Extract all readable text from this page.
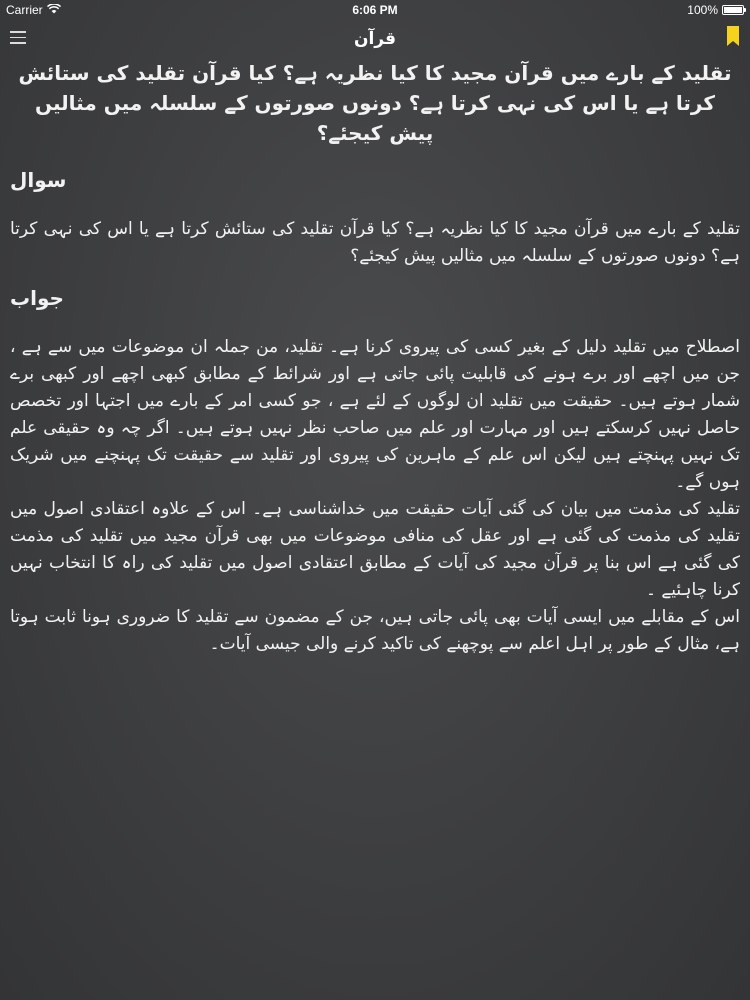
Carrier	6:06 PM	100%
قرآن
تقلید کے بارے میں قرآن مجید کا کیا نظریہ ہے؟ کیا قرآن تقلید کی ستائش کرتا ہے یا اس کی نہی کرتا ہے؟ دونوں صورتوں کے سلسلہ میں مثالیں پیش کیجئے؟
سوال

تقلید کے بارے میں قرآن مجید کا کیا نظریہ ہے؟ کیا قرآن تقلید کی ستائش کرتا ہے یا اس کی نہی کرتا ہے؟ دونوں صورتوں کے سلسلہ میں مثالیں پیش کیجئے؟

جواب

اصطلاح میں تقلید دلیل کے بغیر کسی کی پیروی کرنا ہے۔ تقلید، من جملہ ان موضوعات میں سے ہے ، جن میں اچھے اور برے ہونے کی قابلیت پائی جاتی ہے اور شرائط کے مطابق کبھی اچھے اور کبھی برے شمار ہوتے ہیں۔ حقیقت میں تقلید ان لوگوں کے لئے ہے ، جو کسی امر کے بارے میں اجتہا اور تخصص حاصل نہیں کرسکتے ہیں اور مہارت اور علم میں صاحب نظر نہیں ہوتے ہیں۔ اگر چہ وہ حقیقی علم تک نہیں پہنچتے ہیں لیکن اس علم کے ماہرین کی پیروی اور تقلید سے حقیقت تک پہنچنے میں شریک ہوں گے۔

تقلید کی مذمت میں بیان کی گئی آیات حقیقت میں خداشناسی ہے۔ اس کے علاوہ اعتقادی اصول میں تقلید کی مذمت کی گئی ہے اور عقل کی منافی موضوعات میں بھی قرآن مجید میں تقلید کی مذمت کی گئی ہے اس بنا پر قرآن مجید کی آیات کے مطابق اعتقادی اصول میں تقلید کی راہ کا انتخاب نہیں کرنا چاہئیے ۔

اس کے مقابلے میں ایسی آیات بھی پائی جاتی ہیں، جن کے مضمون سے تقلید کا ضروری ہونا ثابت ہوتا ہے، مثال کے طور پر اہل اعلم سے پوچھنے کی تاکید کرنے والی جیسی آیات۔
